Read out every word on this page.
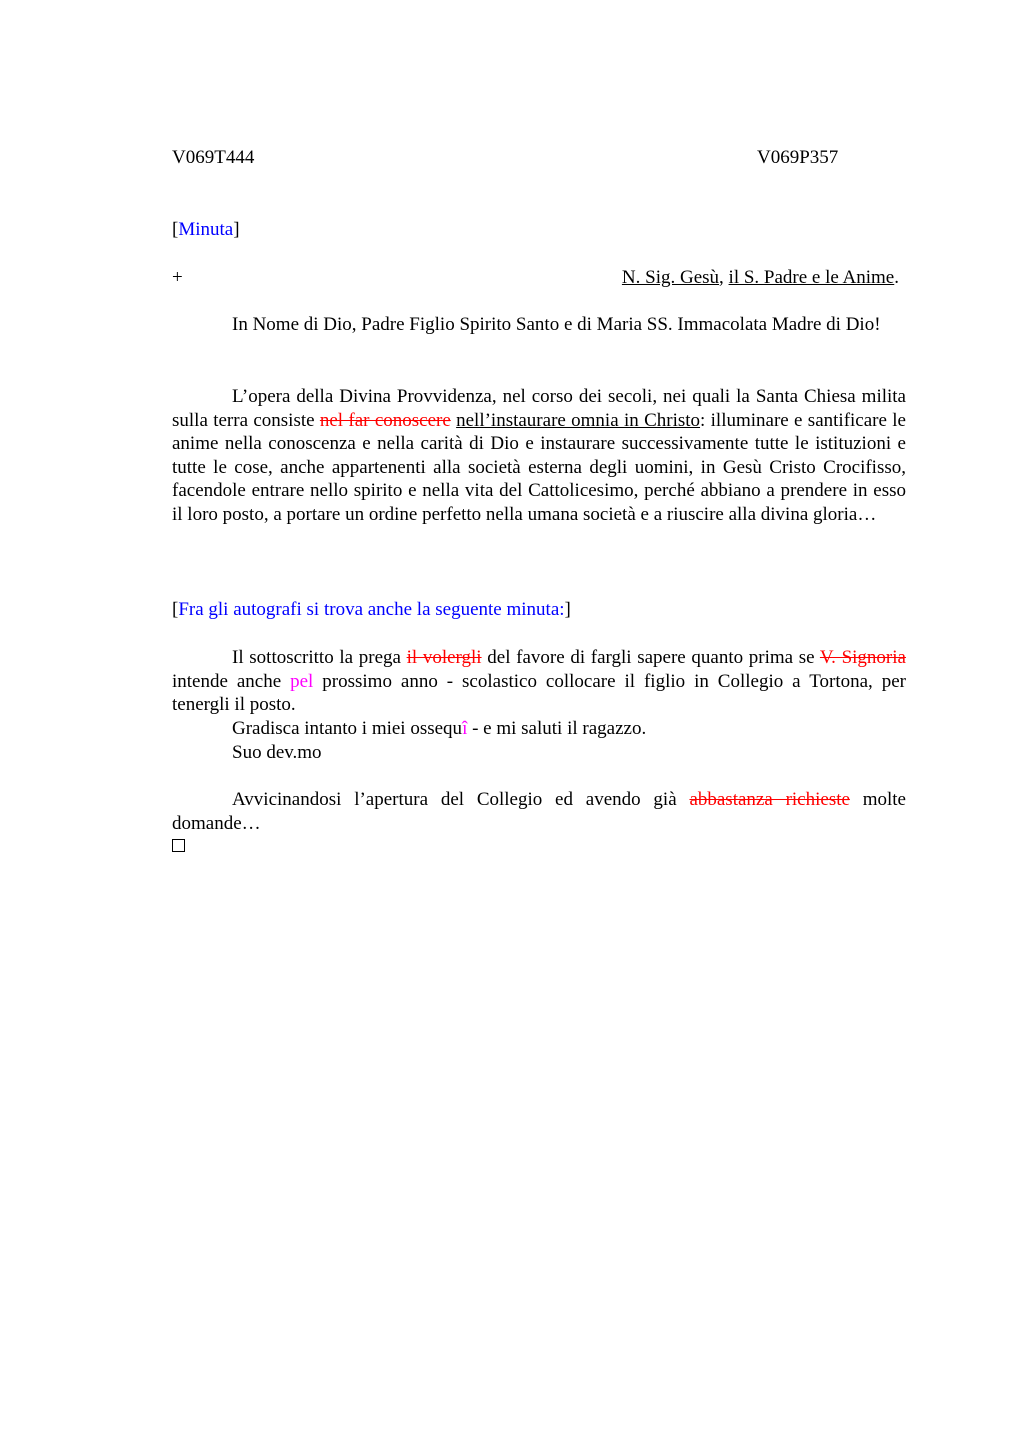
V069T444	V069P357
[Minuta]
+	N. Sig. Gesù, il S. Padre e le Anime.

In Nome di Dio, Padre Figlio Spirito Santo e di Maria SS. Immacolata Madre di Dio!

L’opera della Divina Provvidenza, nel corso dei secoli, nei quali la Santa Chiesa milita sulla terra consiste nel far conoscere nell’instaurare omnia in Christo: illuminare e santificare le anime nella conoscenza e nella carità di Dio e instaurare successivamente tutte le istituzioni e tutte le cose, anche appartenenti alla società esterna degli uomini, in Gesù Cristo Crocifisso, facendole entrare nello spirito e nella vita del Cattolicesimo, perché abbiano a prendere in esso il loro posto, a portare un ordine perfetto nella umana società e a riuscire alla divina gloria…

[Fra gli autografi si trova anche la seguente minuta:]

Il sottoscritto la prega il volergli del favore di fargli sapere quanto prima se V. Signoria intende anche pel prossimo anno - scolastico collocare il figlio in Collegio a Tortona, per tenergli il posto.

Gradisca intanto i miei ossequî - e mi saluti il ragazzo.
Suo dev.mo

Avvicinandosi l’apertura del Collegio ed avendo già abbastanza richieste molte domande…
